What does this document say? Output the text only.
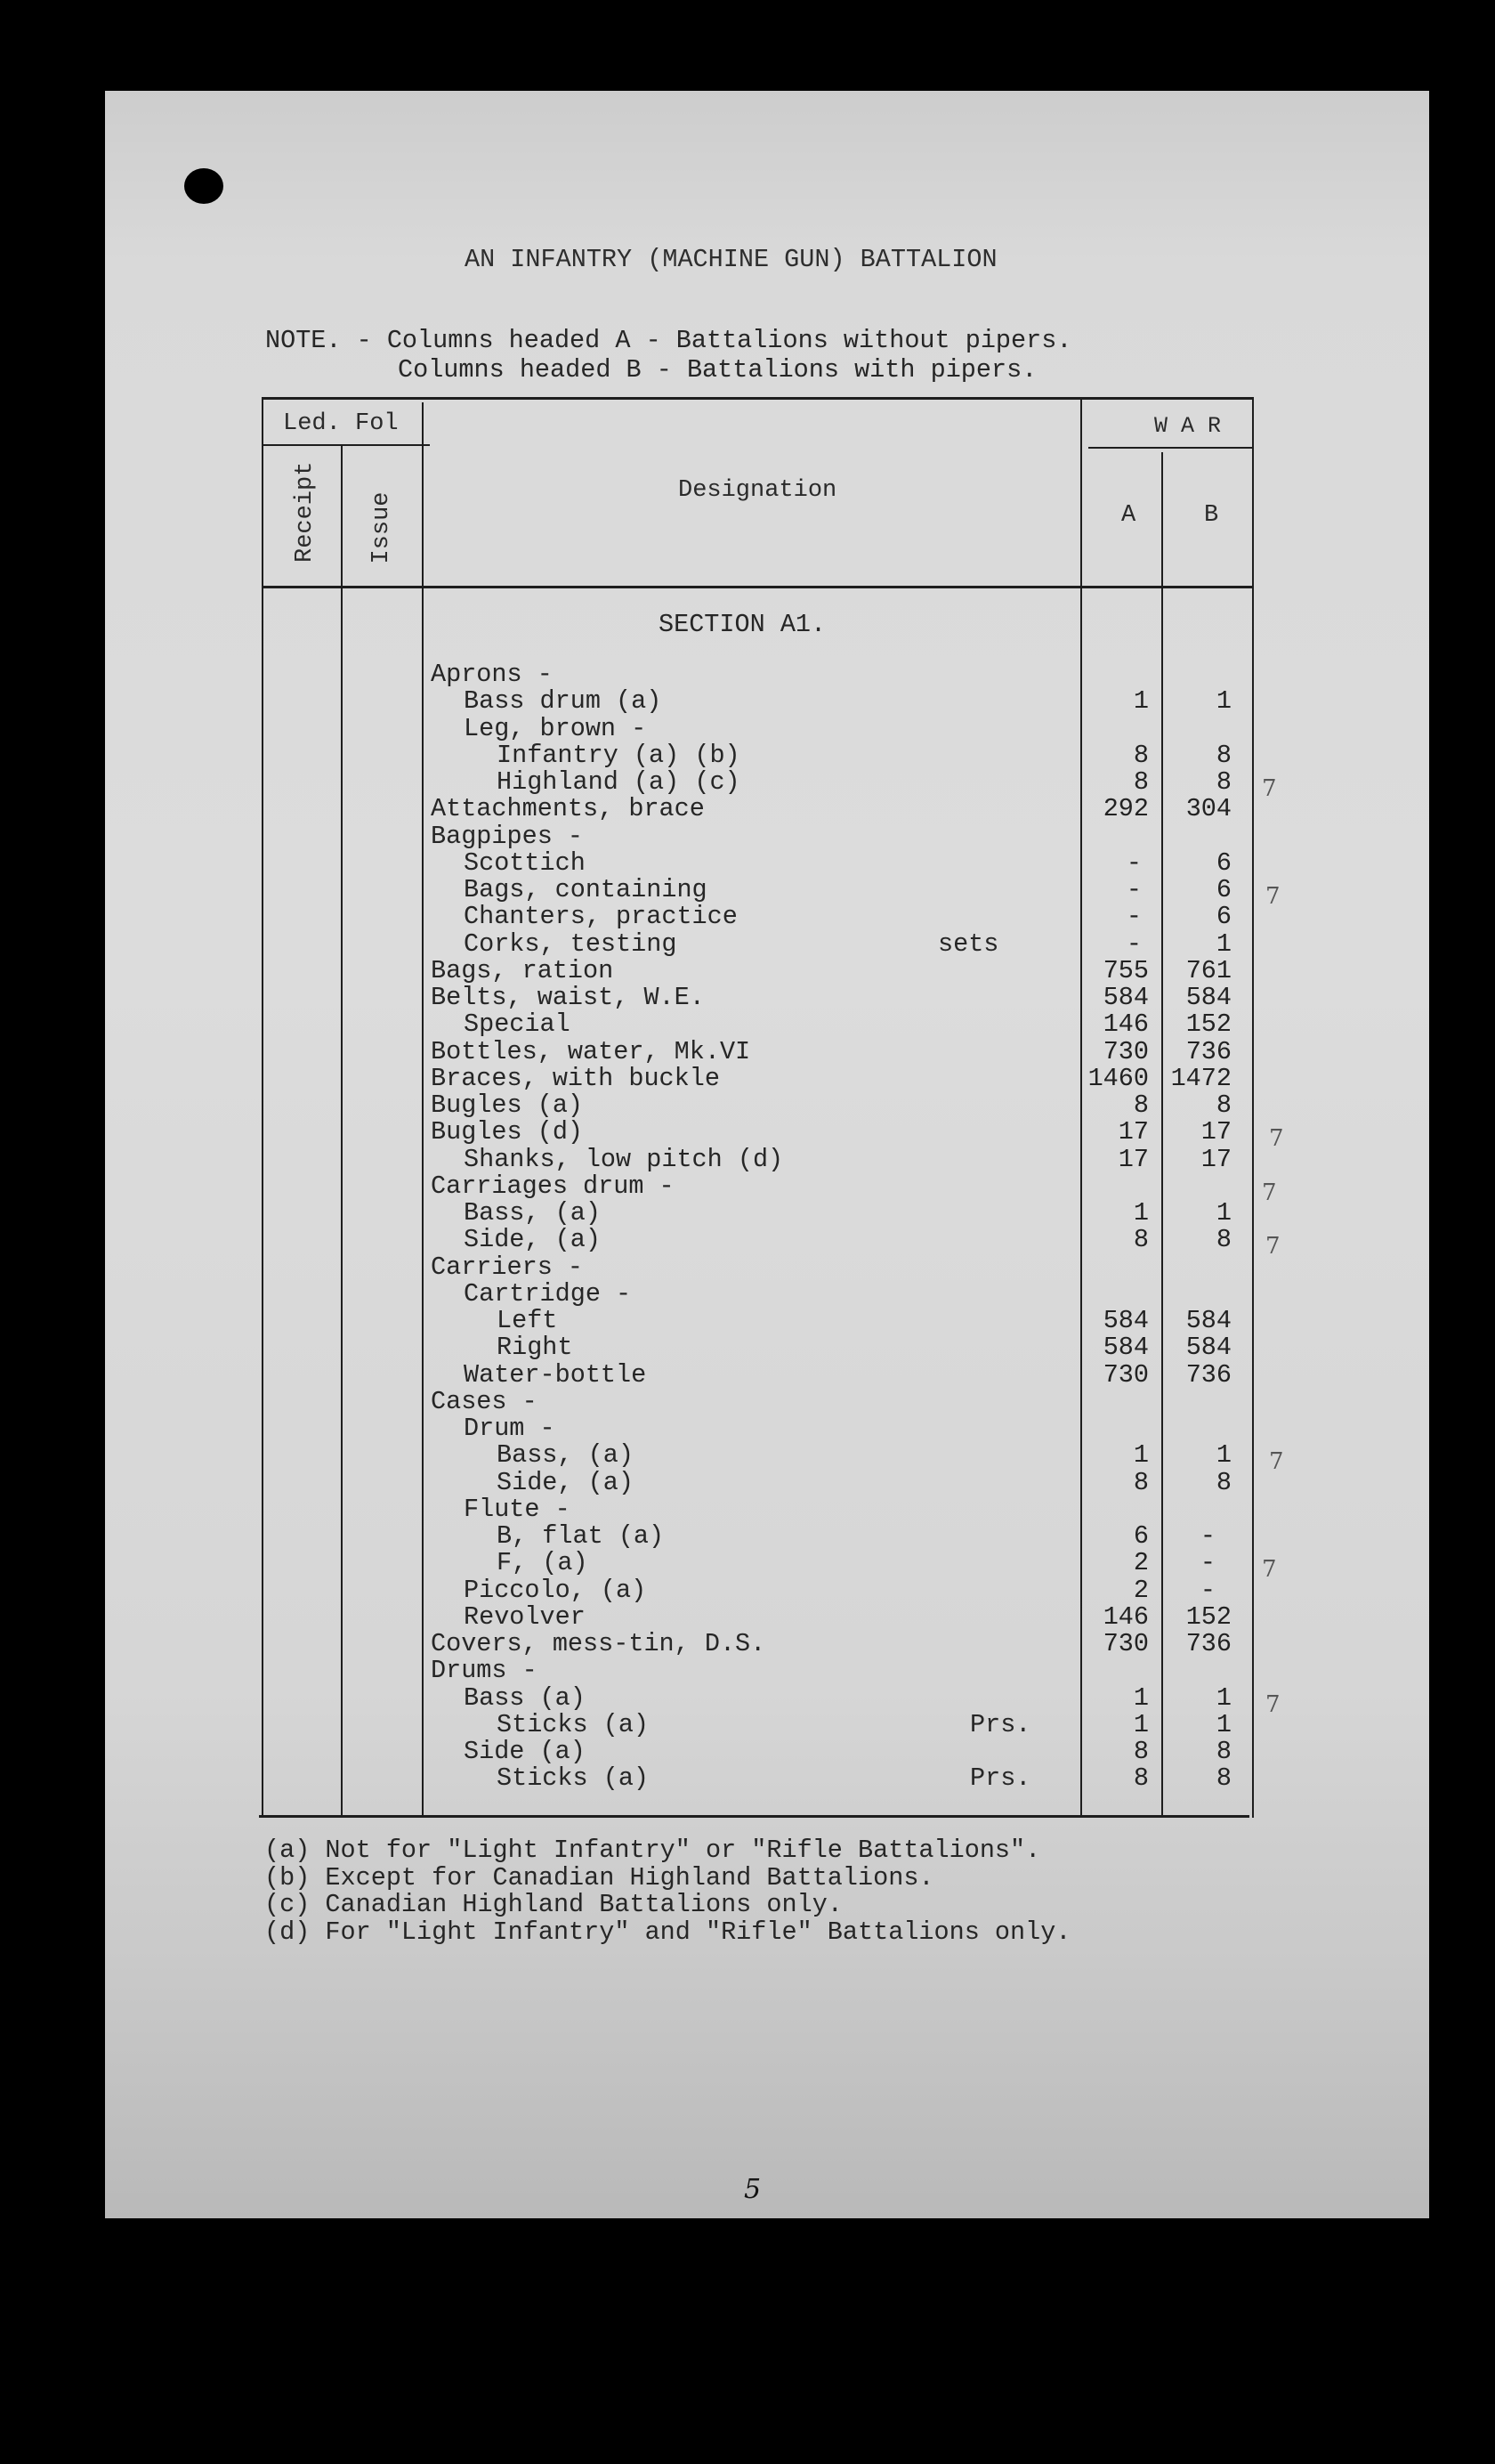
AN INFANTRY (MACHINE GUN) BATTALION
NOTE. - Columns headed A - Battalions without pipers.
Columns headed B - Battalions with pipers.
Led. Fol
Receipt Issue
Designation
W A R
A	B
SECTION A1.
Aprons -
Bass drum (a)	1	1
Leg, brown -
Infantry (a) (b)	8	8
Highland (a) (c)	8	8
Attachments, brace	292	304
Bagpipes -
Scottich	-	6
Bags, containing	-	6
Chanters, practice	-	6
Corks, testing	sets	-	1
Bags, ration	755	761
Belts, waist, W.E.	584	584
Special	146	152
Bottles, water, Mk.VI	730	736
Braces, with buckle	1460 1472
Bugles (a)	8	8
Bugles (d)	17	17
Shanks, low pitch (d)	17	17
Carriages drum -
Bass, (a)	1	1
Side, (a)	8	8
Carriers -
Cartridge -
Left	584	584
Right	584	584
Water-bottle	730	736
Cases -
Drum -
Bass, (a)	1	1
Side, (a)	8	8
Flute -
B, flat (a)	6	-
F, (a)	2	-
Piccolo, (a)	2	-
Revolver	146	152
Covers, mess-tin, D.S.	730	736
Drums -
Bass (a)	1	1
Sticks (a)	Prs.	1	1
Side (a)	8	8
Sticks (a)	Prs.	8	8
(a) Not for "Light Infantry" or "Rifle Battalions".
(b) Except for Canadian Highland Battalions.
(c) Canadian Highland Battalions only.
(d) For "Light Infantry" and "Rifle" Battalions only.
7
7
7
7
7
7
7
7
5
